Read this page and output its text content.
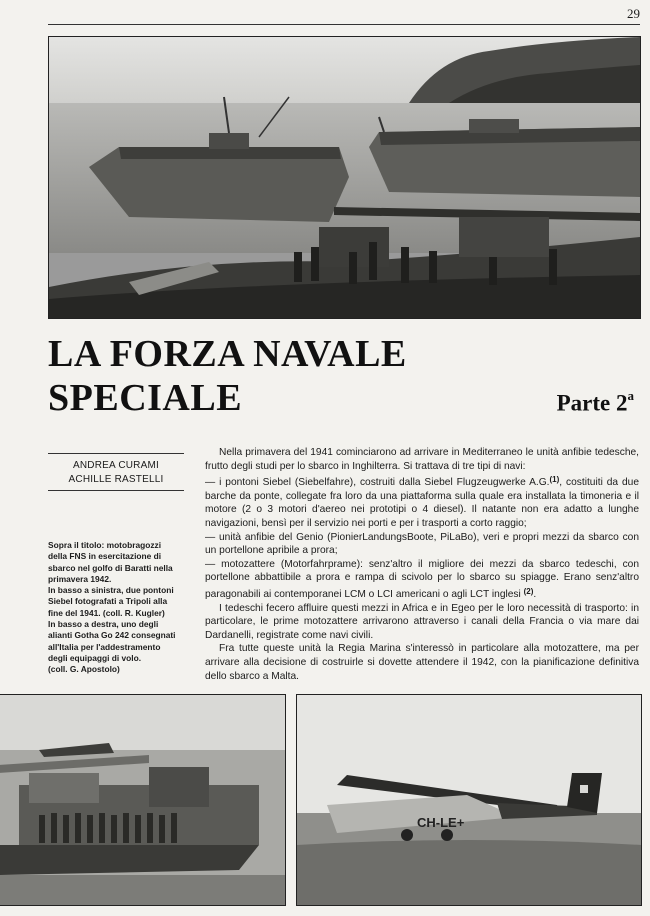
29
LA FORZA NAVALE
SPECIALE	Parte 2$^a$
ANDREA CURAMI
ACHILLE RASTELLI
Sopra il titolo: motobragozzi
della FNS in esercitazione di
sbarco nel golfo di Baratti nella
primavera 1942.
In basso a sinistra, due pontoni
Siebel fotografati a Tripoli alla
fine del 1941. (coll. R. Kugler)
In basso a destra, uno degli
alianti Gotha Go 242 consegnati
all'Italia per l'addestramento
degli equipaggi di volo.
(coll. G. Apostolo)

Nella primavera del 1941 cominciarono ad arrivare in Mediterraneo le unità anfibie tedesche, frutto degli studi per lo sbarco in Inghilterra. Si trattava di tre tipi di navi:

— i pontoni Siebel (Siebelfahre), costruiti dalla Siebel Flugzeugwerke A.G.$^{(1)}$, costituiti da due barche da ponte, collegate fra loro da una piattaforma sulla quale era installata la timoneria e il motore (2 o 3 motori d'aereo nei prototipi o 4 diesel). Il natante non era adatto a lunghe navigazioni, bensì per il servizio nei porti e per i trasporti a corto raggio;

— unità anfibie del Genio (PionierLandungsBoote, PiLaBo), veri e propri mezzi da sbarco con un portellone apribile a prora;

— motozattere (Motorfahrprame): senz'altro il migliore dei mezzi da sbarco tedeschi, con portellone abbattibile a prora e rampa di scivolo per lo sbarco su spiagge. Erano senz'altro paragonabili ai contemporanei LCM o LCI americani o agli LCT inglesi $^{(2)}$.

I tedeschi fecero affluire questi mezzi in Africa e in Egeo per le loro necessità di trasporto: in particolare, le prime motozattere arrivarono attraverso i canali della Francia o via mare dai Dardanelli, registrate come navi civili.

Fra tutte queste unità la Regia Marina s'interessò in particolare alla motozattere, ma per arrivare alla decisione di costruirle si dovette attendere il 1942, con la pianificazione definitiva dello sbarco a Malta.

CH-LE+
